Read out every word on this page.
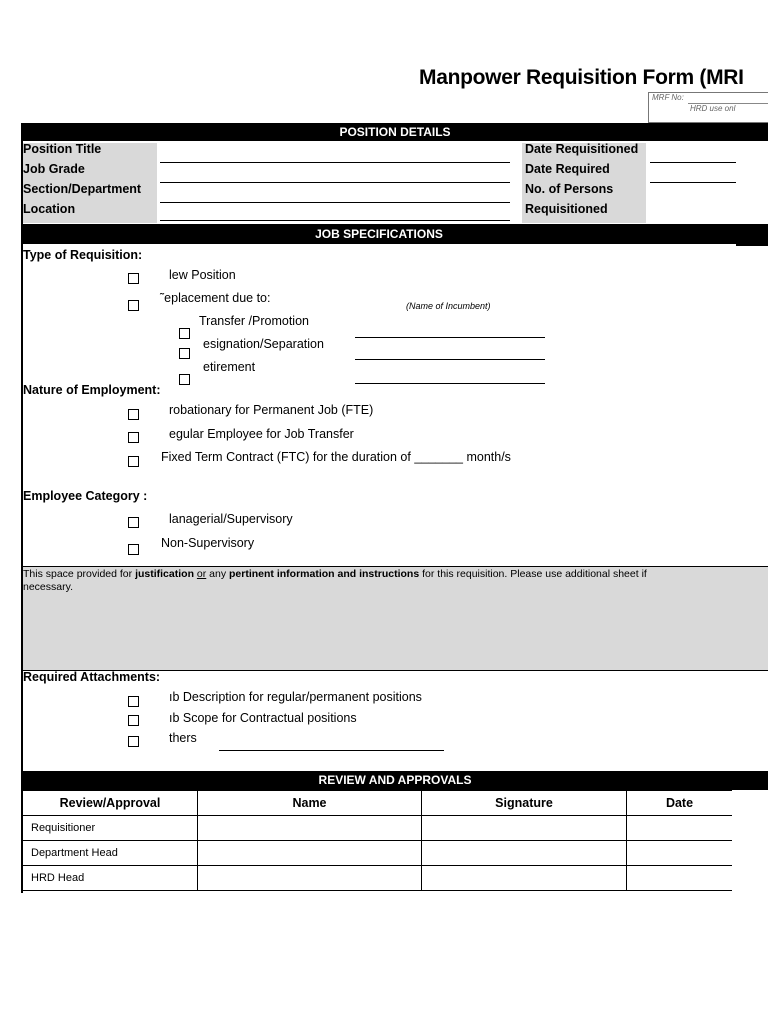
Manpower Requisition Form (MRI
MRF No:
HRD use onl
POSITION DETAILS
Position Title
Job Grade
Section/Department
Location
Date Requisitioned
Date Required
No. of Persons
Requisitioned
JOB SPECIFICATIONS
Type of Requisition:
lew Position
˜eplacement due to:
(Name of Incumbent)
Transfer /Promotion
esignation/Separation
etirement
Nature of Employment:
robationary for Permanent Job (FTE)
egular Employee for Job Transfer
Fixed Term Contract (FTC) for the duration of _______ month/s
Employee Category :
lanagerial/Supervisory
Non-Supervisory
This space provided for justification or any pertinent information and instructions for this requisition. Please use additional sheet if
necessary.
Required Attachments:
ıb Description for regular/permanent positions
ıb Scope for Contractual positions
thers
REVIEW AND APPROVALS
Review/Approval	Name	Signature	Date
Requisitioner			
Department Head			
HRD Head			
